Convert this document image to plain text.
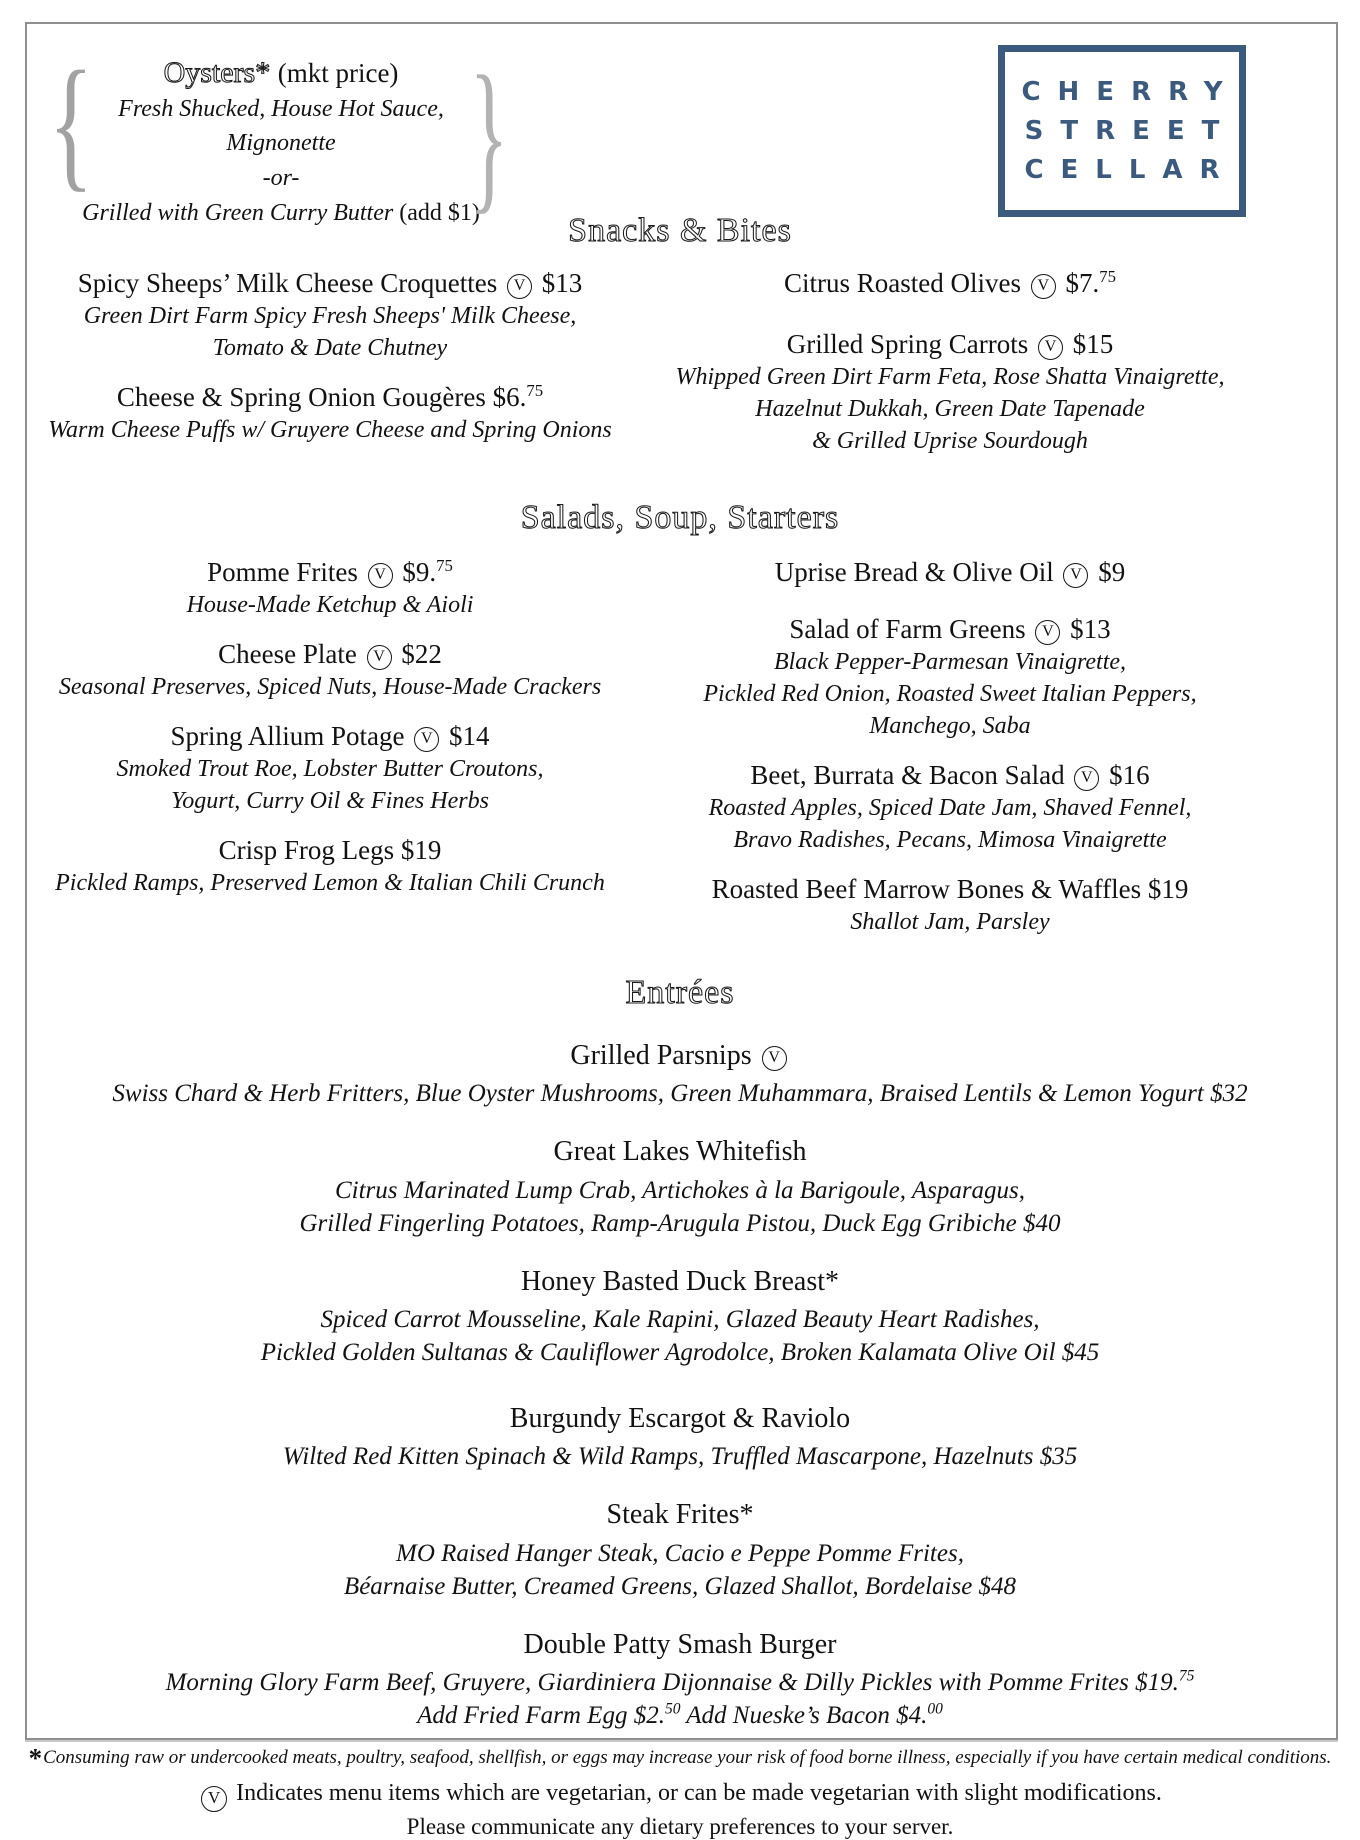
{	}
Oysters* (mkt price)
Fresh Shucked, House Hot Sauce, Mignonette
-or-
Grilled with Green Curry Butter (add $1)
CHERRY
STREET
CELLAR
Snacks & Bites
Spicy Sheeps’ Milk Cheese Croquettes V $13
Green Dirt Farm Spicy Fresh Sheeps' Milk Cheese,
Tomato & Date Chutney
Cheese & Spring Onion Gougères $6.75
Warm Cheese Puffs w/ Gruyere Cheese and Spring Onions
Citrus Roasted Olives V $7.75
Grilled Spring Carrots V $15
Whipped Green Dirt Farm Feta, Rose Shatta Vinaigrette,
Hazelnut Dukkah, Green Date Tapenade
& Grilled Uprise Sourdough
Salads, Soup, Starters
Pomme Frites V $9.75
House-Made Ketchup & Aioli
Cheese Plate V $22
Seasonal Preserves, Spiced Nuts, House-Made Crackers
Spring Allium Potage V $14
Smoked Trout Roe, Lobster Butter Croutons,
Yogurt, Curry Oil & Fines Herbs
Crisp Frog Legs $19
Pickled Ramps, Preserved Lemon & Italian Chili Crunch
Uprise Bread & Olive Oil V $9
Salad of Farm Greens V $13
Black Pepper-Parmesan Vinaigrette,
Pickled Red Onion, Roasted Sweet Italian Peppers,
Manchego, Saba
Beet, Burrata & Bacon Salad V $16
Roasted Apples, Spiced Date Jam, Shaved Fennel,
Bravo Radishes, Pecans, Mimosa Vinaigrette
Roasted Beef Marrow Bones & Waffles $19
Shallot Jam, Parsley
Entrées
Grilled Parsnips V
Swiss Chard & Herb Fritters, Blue Oyster Mushrooms, Green Muhammara, Braised Lentils & Lemon Yogurt $32
Great Lakes Whitefish
Citrus Marinated Lump Crab, Artichokes à la Barigoule, Asparagus,
Grilled Fingerling Potatoes, Ramp-Arugula Pistou, Duck Egg Gribiche $40
Honey Basted Duck Breast*
Spiced Carrot Mousseline, Kale Rapini, Glazed Beauty Heart Radishes,
Pickled Golden Sultanas & Cauliflower Agrodolce, Broken Kalamata Olive Oil $45
Burgundy Escargot & Raviolo
Wilted Red Kitten Spinach & Wild Ramps, Truffled Mascarpone, Hazelnuts $35
Steak Frites*
MO Raised Hanger Steak, Cacio e Peppe Pomme Frites,
Béarnaise Butter, Creamed Greens, Glazed Shallot, Bordelaise $48
Double Patty Smash Burger
Morning Glory Farm Beef, Gruyere, Giardiniera Dijonnaise & Dilly Pickles with Pomme Frites $19.75
Add Fried Farm Egg $2.50 Add Nueske’s Bacon $4.00
*Consuming raw or undercooked meats, poultry, seafood, shellfish, or eggs may increase your risk of food borne illness, especially if you have certain medical conditions.
V Indicates menu items which are vegetarian, or can be made vegetarian with slight modifications.
Please communicate any dietary preferences to your server.
